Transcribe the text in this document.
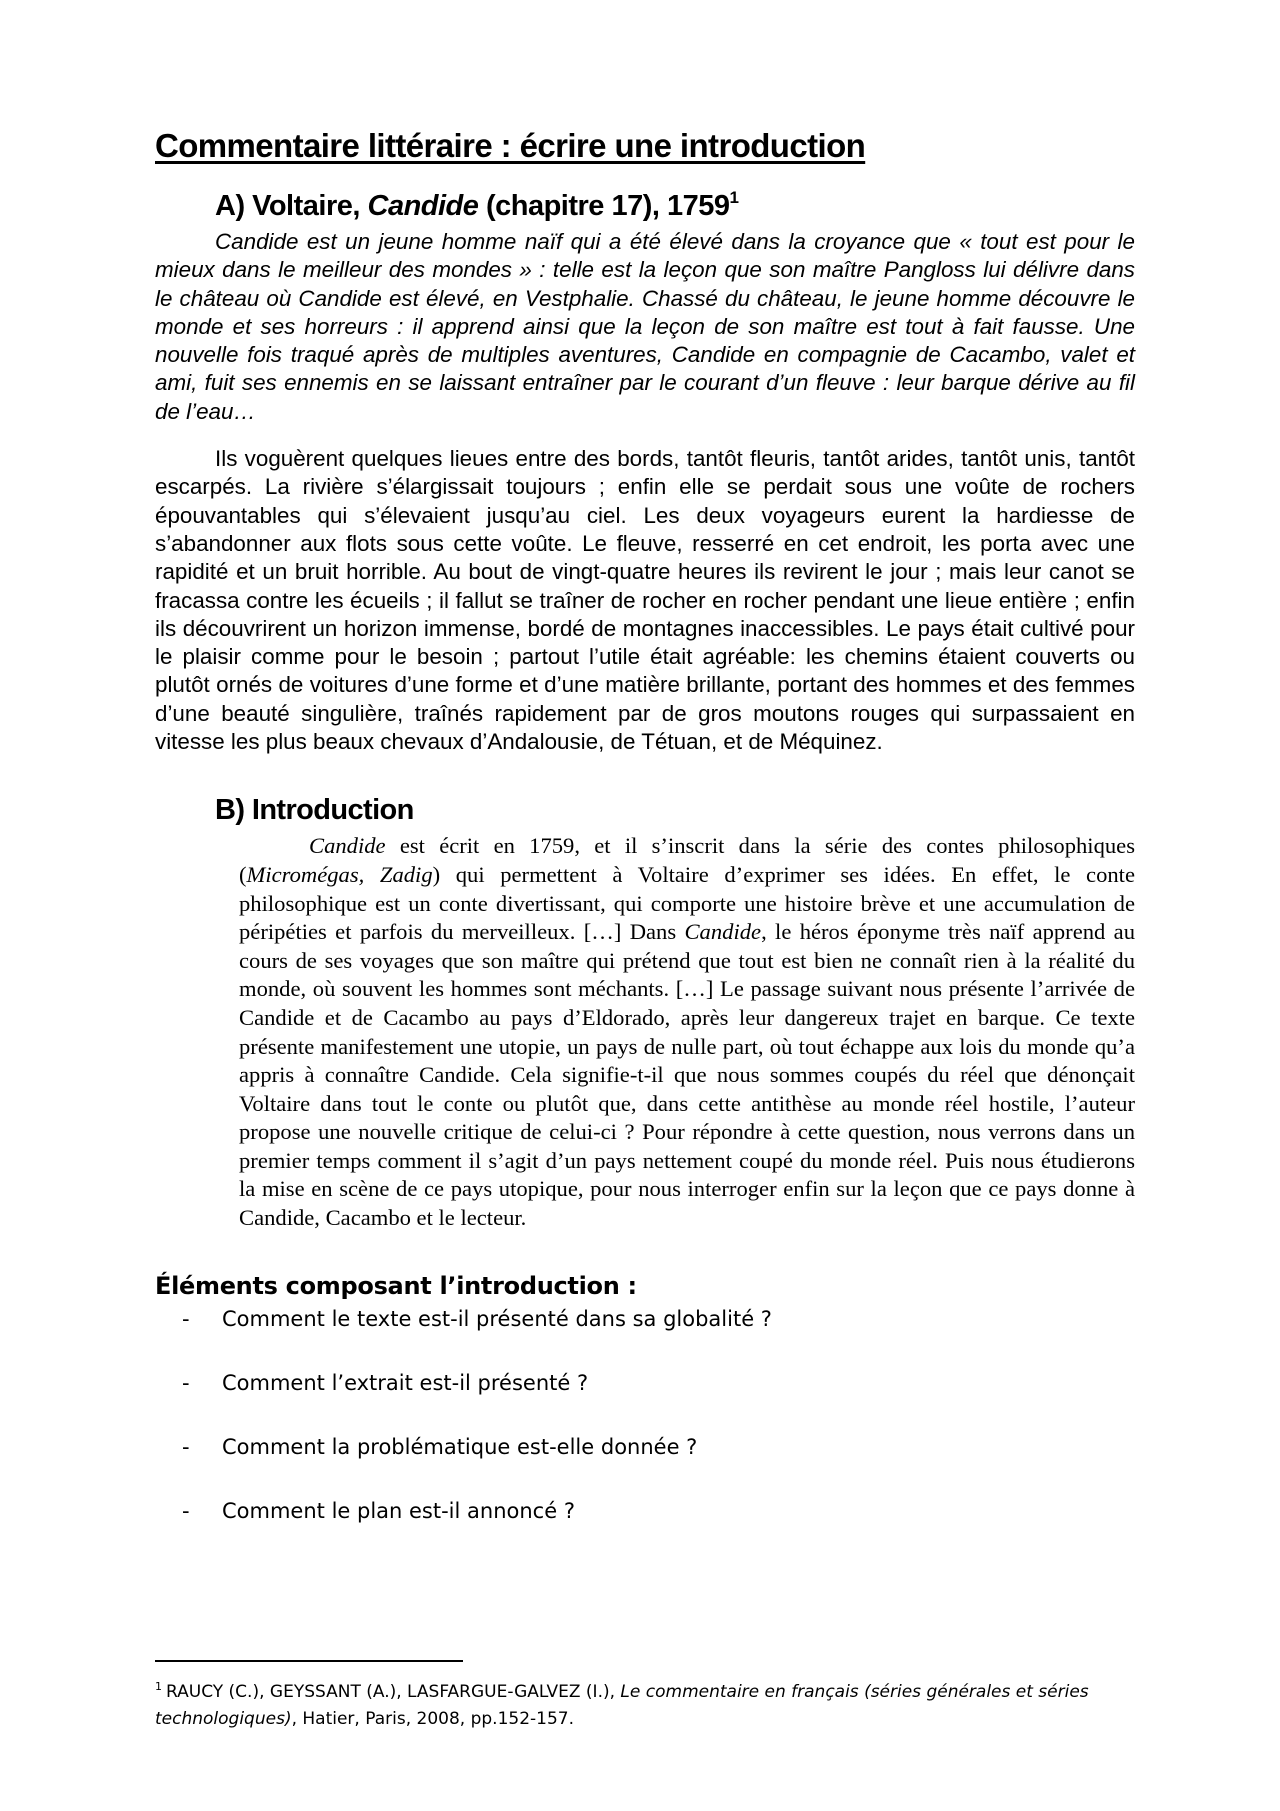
Commentaire littéraire : écrire une introduction
A) Voltaire, Candide (chapitre 17), 1759$^1$

Candide est un jeune homme naïf qui a été élevé dans la croyance que « tout est pour le mieux dans le meilleur des mondes » : telle est la leçon que son maître Pangloss lui délivre dans le château où Candide est élevé, en Vestphalie. Chassé du château, le jeune homme découvre le monde et ses horreurs : il apprend ainsi que la leçon de son maître est tout à fait fausse. Une nouvelle fois traqué après de multiples aventures, Candide en compagnie de Cacambo, valet et ami, fuit ses ennemis en se laissant entraîner par le courant d’un fleuve : leur barque dérive au fil de l’eau…

Ils voguèrent quelques lieues entre des bords, tantôt fleuris, tantôt arides, tantôt unis, tantôt escarpés. La rivière s’élargissait toujours ; enfin elle se perdait sous une voûte de rochers épouvantables qui s’élevaient jusqu’au ciel. Les deux voyageurs eurent la hardiesse de s’abandonner aux flots sous cette voûte. Le fleuve, resserré en cet endroit, les porta avec une rapidité et un bruit horrible. Au bout de vingt-quatre heures ils revirent le jour ; mais leur canot se fracassa contre les écueils ; il fallut se traîner de rocher en rocher pendant une lieue entière ; enfin ils découvrirent un horizon immense, bordé de montagnes inaccessibles. Le pays était cultivé pour le plaisir comme pour le besoin ; partout l’utile était agréable: les chemins étaient couverts ou plutôt ornés de voitures d’une forme et d’une matière brillante, portant des hommes et des femmes d’une beauté singulière, traînés rapidement par de gros moutons rouges qui surpassaient en vitesse les plus beaux chevaux d’Andalousie, de Tétuan, et de Méquinez.

B) Introduction

Candide est écrit en 1759, et il s’inscrit dans la série des contes philosophiques (Micromégas, Zadig) qui permettent à Voltaire d’exprimer ses idées. En effet, le conte philosophique est un conte divertissant, qui comporte une histoire brève et une accumulation de péripéties et parfois du merveilleux. […] Dans Candide, le héros éponyme très naïf apprend au cours de ses voyages que son maître qui prétend que tout est bien ne connaît rien à la réalité du monde, où souvent les hommes sont méchants. […] Le passage suivant nous présente l’arrivée de Candide et de Cacambo au pays d’Eldorado, après leur dangereux trajet en barque. Ce texte présente manifestement une utopie, un pays de nulle part, où tout échappe aux lois du monde qu’a appris à connaître Candide. Cela signifie-t-il que nous sommes coupés du réel que dénonçait Voltaire dans tout le conte ou plutôt que, dans cette antithèse au monde réel hostile, l’auteur propose une nouvelle critique de celui-ci ? Pour répondre à cette question, nous verrons dans un premier temps comment il s’agit d’un pays nettement coupé du monde réel. Puis nous étudierons la mise en scène de ce pays utopique, pour nous interroger enfin sur la leçon que ce pays donne à Candide, Cacambo et le lecteur.

Éléments composant l’introduction :
- Comment le texte est-il présenté dans sa globalité ?
- Comment l’extrait est-il présenté ?
- Comment la problématique est-elle donnée ?
- Comment le plan est-il annoncé ?
$^1$ RAUCY (C.), GEYSSANT (A.), LASFARGUE-GALVEZ (I.), Le commentaire en français (séries générales et séries technologiques), Hatier, Paris, 2008, pp.152-157.
